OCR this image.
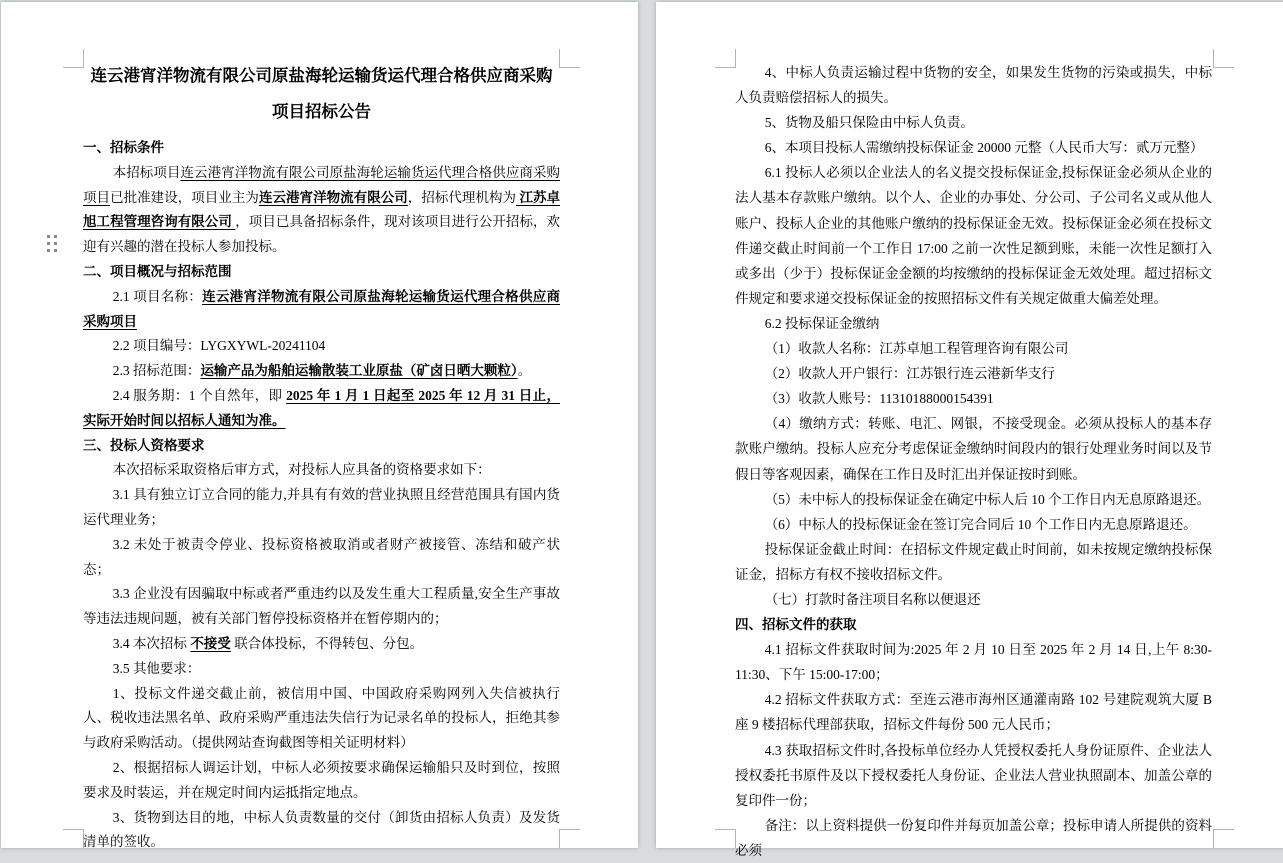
连云港宵洋物流有限公司原盐海轮运输货运代理合格供应商采购

项目招标公告

一、招标条件

本招标项目连云港宵洋物流有限公司原盐海轮运输货运代理合格供应商采购项目已批准建设，项目业主为连云港宵洋物流有限公司，招标代理机构为 江苏卓旭工程管理咨询有限公司 ，项目已具备招标条件，现对该项目进行公开招标，欢迎有兴趣的潜在投标人参加投标。

二、项目概况与招标范围

2.1 项目名称：连云港宵洋物流有限公司原盐海轮运输货运代理合格供应商采购项目

2.2 项目编号：LYGXYWL-20241104

2.3 招标范围：运输产品为船舶运输散装工业原盐（矿卤日晒大颗粒）。

2.4 服务期：1 个自然年，即 2025 年 1 月 1 日起至 2025 年 12 月 31 日止，实际开始时间以招标人通知为准。

三、投标人资格要求

本次招标采取资格后审方式，对投标人应具备的资格要求如下：

3.1 具有独立订立合同的能力,并具有有效的营业执照且经营范围具有国内货运代理业务；

3.2 未处于被责令停业、投标资格被取消或者财产被接管、冻结和破产状态；

3.3 企业没有因骗取中标或者严重违约以及发生重大工程质量,安全生产事故等违法违规问题，被有关部门暂停投标资格并在暂停期内的；

3.4 本次招标 不接受 联合体投标，不得转包、分包。

3.5 其他要求：

1、投标文件递交截止前，被信用中国、中国政府采购网列入失信被执行人、税收违法黑名单、政府采购严重违法失信行为记录名单的投标人，拒绝其参与政府采购活动。（提供网站查询截图等相关证明材料）

2、根据招标人调运计划，中标人必须按要求确保运输船只及时到位，按照要求及时装运，并在规定时间内运抵指定地点。

3、货物到达目的地，中标人负责数量的交付（卸货由招标人负责）及发货清单的签收。

4、中标人负责运输过程中货物的安全，如果发生货物的污染或损失，中标人负责赔偿招标人的损失。

5、货物及船只保险由中标人负责。

6、本项目投标人需缴纳投标保证金 20000 元整（人民币大写：贰万元整）

6.1 投标人必须以企业法人的名义提交投标保证金,投标保证金必须从企业的法人基本存款账户缴纳。以个人、企业的办事处、分公司、子公司名义或从他人账户、投标人企业的其他账户缴纳的投标保证金无效。投标保证金必须在投标文件递交截止时间前一个工作日 17:00 之前一次性足额到账，未能一次性足额打入或多出（少于）投标保证金金额的均按缴纳的投标保证金无效处理。超过招标文件规定和要求递交投标保证金的按照招标文件有关规定做重大偏差处理。

6.2 投标保证金缴纳

（1）收款人名称：江苏卓旭工程管理咨询有限公司

（2）收款人开户银行：江苏银行连云港新华支行

（3）收款人账号：11310188000154391

（4）缴纳方式：转账、电汇、网银，不接受现金。必须从投标人的基本存款账户缴纳。投标人应充分考虑保证金缴纳时间段内的银行处理业务时间以及节假日等客观因素，确保在工作日及时汇出并保证按时到账。

（5）未中标人的投标保证金在确定中标人后 10 个工作日内无息原路退还。

（6）中标人的投标保证金在签订完合同后 10 个工作日内无息原路退还。

投标保证金截止时间：在招标文件规定截止时间前，如未按规定缴纳投标保证金，招标方有权不接收招标文件。

（七）打款时备注项目名称以便退还

四、招标文件的获取

4.1 招标文件获取时间为:2025 年 2 月 10 日至 2025 年 2 月 14 日,上午 8:30-11:30、下午 15:00-17:00；

4.2 招标文件获取方式：至连云港市海州区通灌南路 102 号建院观筑大厦 B 座 9 楼招标代理部获取，招标文件每份 500 元人民币；

4.3 获取招标文件时,各投标单位经办人凭授权委托人身份证原件、企业法人授权委托书原件及以下授权委托人身份证、企业法人营业执照副本、加盖公章的复印件一份；

备注：以上资料提供一份复印件并每页加盖公章；投标申请人所提供的资料必须
